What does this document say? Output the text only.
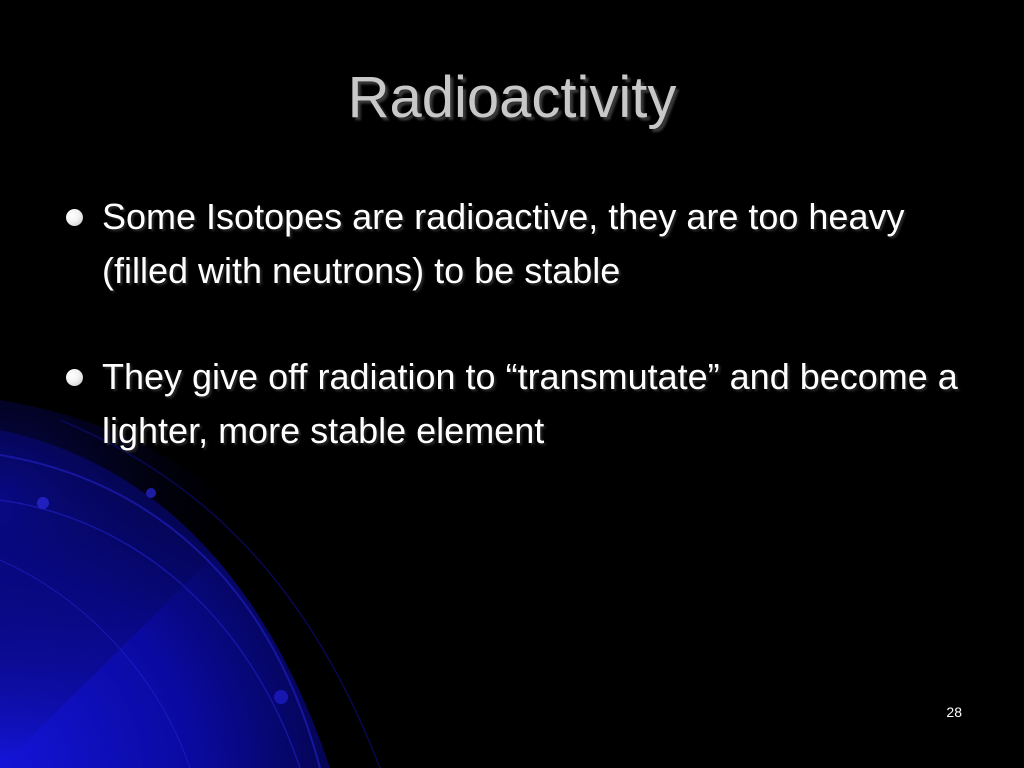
Radioactivity
Some Isotopes are radioactive, they are too heavy (filled with neutrons) to be stable
They give off radiation to “transmutate” and become a lighter, more stable element
28
